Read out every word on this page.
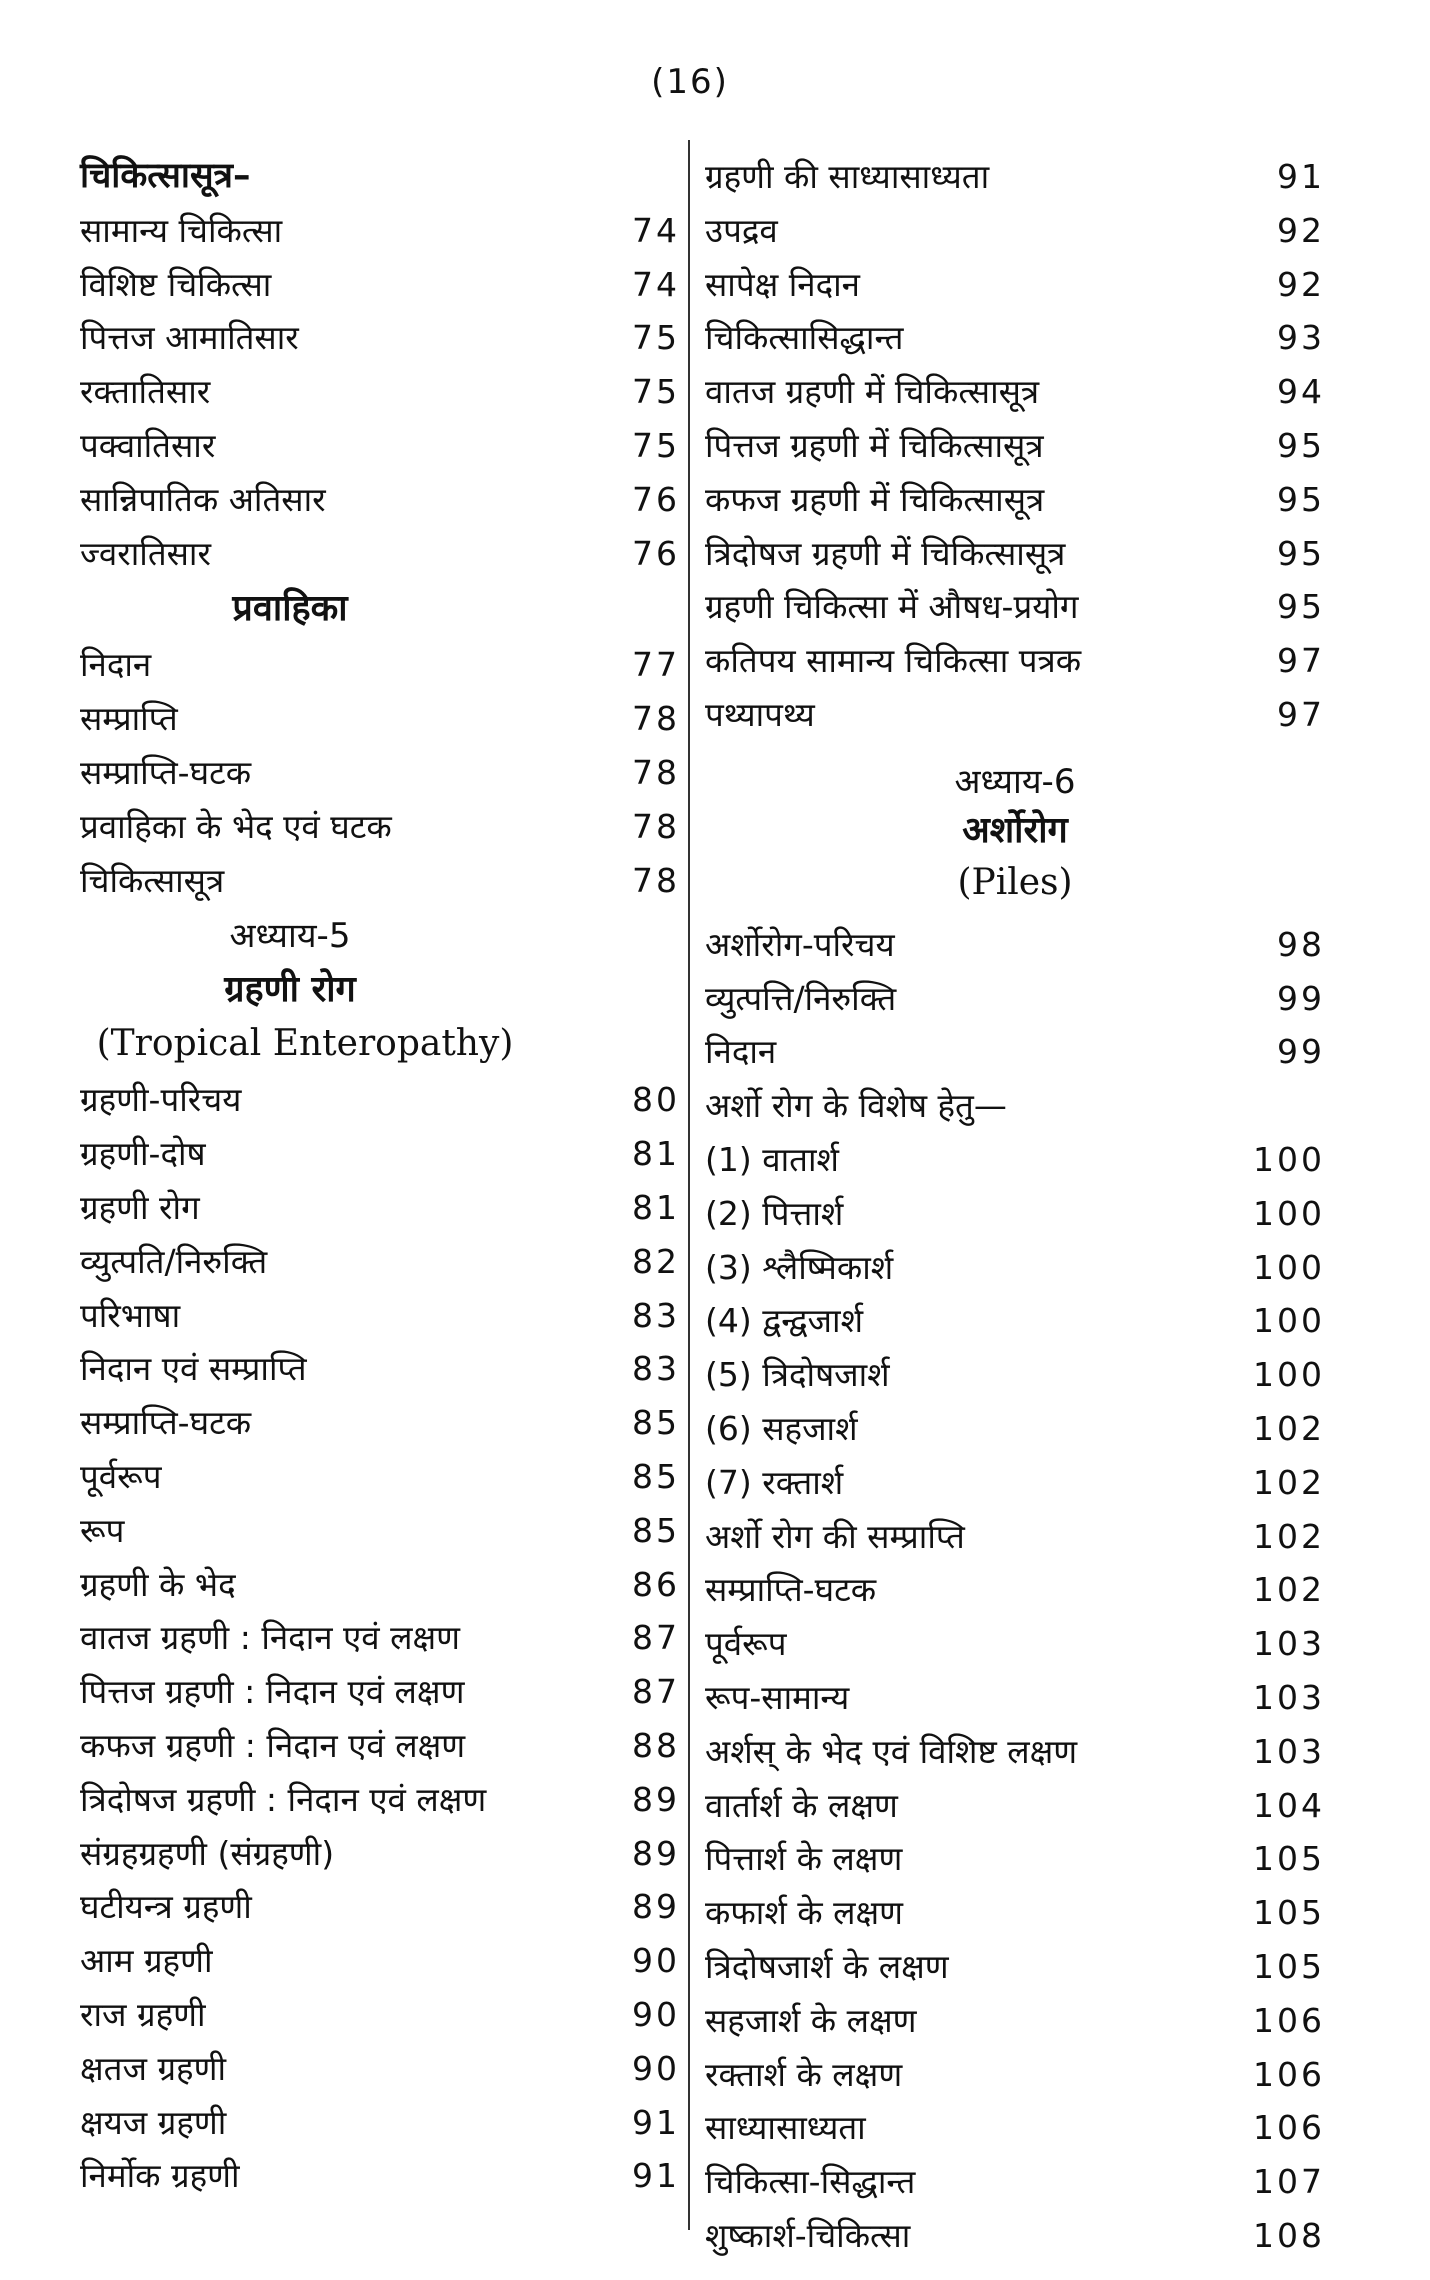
(16)
चिकित्सासूत्र–
सामान्य चिकित्सा	74
विशिष्ट चिकित्सा	74
पित्तज आमातिसार	75
रक्तातिसार	75
पक्वातिसार	75
सान्निपातिक अतिसार	76
ज्वरातिसार	76
प्रवाहिका
निदान	77
सम्प्राप्ति	78
सम्प्राप्ति-घटक	78
प्रवाहिका के भेद एवं घटक	78
चिकित्सासूत्र	78
अध्याय-5
ग्रहणी रोग
(Tropical Enteropathy)
ग्रहणी-परिचय	80
ग्रहणी-दोष	81
ग्रहणी रोग	81
व्युत्पति/निरुक्ति	82
परिभाषा	83
निदान एवं सम्प्राप्ति	83
सम्प्राप्ति-घटक	85
पूर्वरूप	85
रूप	85
ग्रहणी के भेद	86
वातज ग्रहणी : निदान एवं लक्षण	87
पित्तज ग्रहणी : निदान एवं लक्षण	87
कफज ग्रहणी : निदान एवं लक्षण	88
त्रिदोषज ग्रहणी : निदान एवं लक्षण	89
संग्रहग्रहणी (संग्रहणी)	89
घटीयन्त्र ग्रहणी	89
आम ग्रहणी	90
राज ग्रहणी	90
क्षतज ग्रहणी	90
क्षयज ग्रहणी	91
निर्मोक ग्रहणी	91
ग्रहणी की साध्यासाध्यता	91
उपद्रव	92
सापेक्ष निदान	92
चिकित्सासिद्धान्त	93
वातज ग्रहणी में चिकित्सासूत्र	94
पित्तज ग्रहणी में चिकित्सासूत्र	95
कफज ग्रहणी में चिकित्सासूत्र	95
त्रिदोषज ग्रहणी में चिकित्सासूत्र	95
ग्रहणी चिकित्सा में औषध-प्रयोग	95
कतिपय सामान्य चिकित्सा पत्रक	97
पथ्यापथ्य	97
अध्याय-6
अर्शोरोग
(Piles)
अर्शोरोग-परिचय	98
व्युत्पत्ति/निरुक्ति	99
निदान	99
अर्शो रोग के विशेष हेतु—
(1) वातार्श	100
(2) पित्तार्श	100
(3) श्लैष्मिकार्श	100
(4) द्वन्द्वजार्श	100
(5) त्रिदोषजार्श	100
(6) सहजार्श	102
(7) रक्तार्श	102
अर्शो रोग की सम्प्राप्ति	102
सम्प्राप्ति-घटक	102
पूर्वरूप	103
रूप-सामान्य	103
अर्शस् के भेद एवं विशिष्ट लक्षण	103
वार्तार्श के लक्षण	104
पित्तार्श के लक्षण	105
कफार्श के लक्षण	105
त्रिदोषजार्श के लक्षण	105
सहजार्श के लक्षण	106
रक्तार्श के लक्षण	106
साध्यासाध्यता	106
चिकित्सा-सिद्धान्त	107
शुष्कार्श-चिकित्सा	108
